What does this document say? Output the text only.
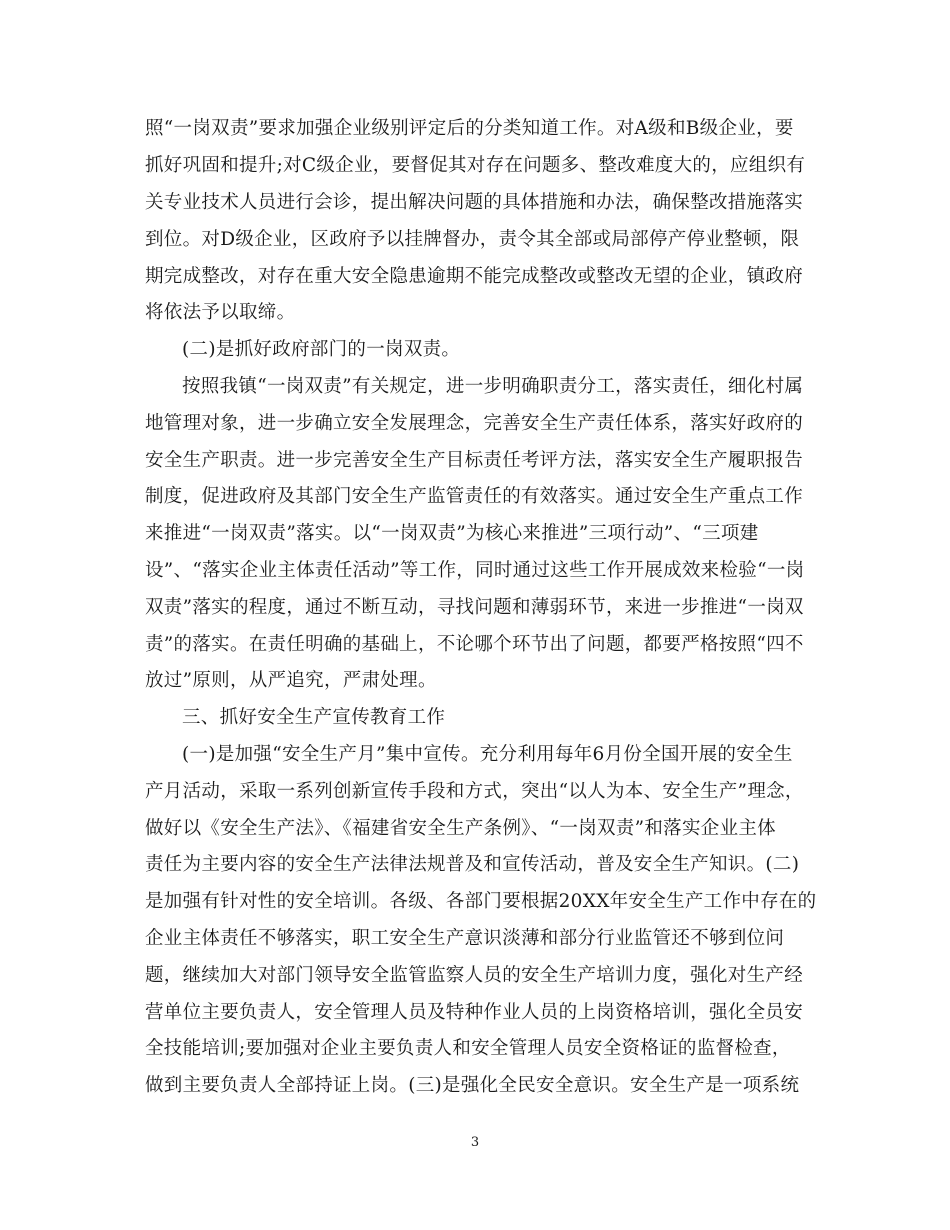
照“一岗双责”要求加强企业级别评定后的分类知道工作。对A级和B级企业，要
抓好巩固和提升;对C级企业，要督促其对存在问题多、整改难度大的，应组织有
关专业技术人员进行会诊，提出解决问题的具体措施和办法，确保整改措施落实
到位。对D级企业，区政府予以挂牌督办，责令其全部或局部停产停业整顿，限
期完成整改，对存在重大安全隐患逾期不能完成整改或整改无望的企业，镇政府
将依法予以取缔。
(二)是抓好政府部门的一岗双责。
按照我镇“一岗双责”有关规定，进一步明确职责分工，落实责任，细化村属
地管理对象，进一步确立安全发展理念，完善安全生产责任体系，落实好政府的
安全生产职责。进一步完善安全生产目标责任考评方法，落实安全生产履职报告
制度，促进政府及其部门安全生产监管责任的有效落实。通过安全生产重点工作
来推进“一岗双责”落实。以“一岗双责”为核心来推进”三项行动”、“三项建
设”、“落实企业主体责任活动”等工作，同时通过这些工作开展成效来检验“一岗
双责”落实的程度，通过不断互动，寻找问题和薄弱环节，来进一步推进“一岗双
责”的落实。在责任明确的基础上，不论哪个环节出了问题，都要严格按照“四不
放过”原则，从严追究，严肃处理。
三、抓好安全生产宣传教育工作
(一)是加强“安全生产月”集中宣传。充分利用每年6月份全国开展的安全生
产月活动，采取一系列创新宣传手段和方式，突出“以人为本、安全生产”理念，
做好以《安全生产法》、《福建省安全生产条例》、“一岗双责”和落实企业主体
责任为主要内容的安全生产法律法规普及和宣传活动，普及安全生产知识。(二)
是加强有针对性的安全培训。各级、各部门要根据20XX年安全生产工作中存在的
企业主体责任不够落实，职工安全生产意识淡薄和部分行业监管还不够到位问
题，继续加大对部门领导安全监管监察人员的安全生产培训力度，强化对生产经
营单位主要负责人，安全管理人员及特种作业人员的上岗资格培训，强化全员安
全技能培训;要加强对企业主要负责人和安全管理人员安全资格证的监督检查，
做到主要负责人全部持证上岗。(三)是强化全民安全意识。安全生产是一项系统
3
